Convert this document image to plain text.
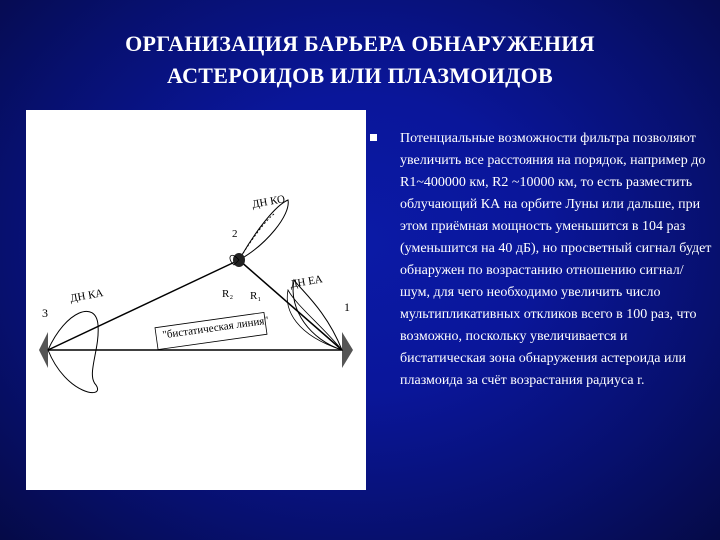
ОРГАНИЗАЦИЯ БАРЬЕРА ОБНАРУЖЕНИЯ
АСТЕРОИДОВ ИЛИ ПЛАЗМОИДОВ
ДН КО
2
ДН КА
ДН ЕА
3	1
R₂ R₁
"бистатическая линия"
Потенциальные возможности фильтра позволяют увеличить все расстояния на порядок, например до R1~400000 км, R2 ~10000 км, то есть разместить облучающий КА на орбите Луны или дальше, при этом приёмная мощность уменьшится в 104 раз (уменьшится на 40 дБ), но просветный сигнал будет обнаружен по возрастанию отношению сигнал/шум, для чего необходимо увеличить число мультипликативных откликов всего в 100 раз, что возможно, поскольку увеличивается и бистатическая зона обнаружения астероида или плазмоида за счёт возрастания радиуса r.
